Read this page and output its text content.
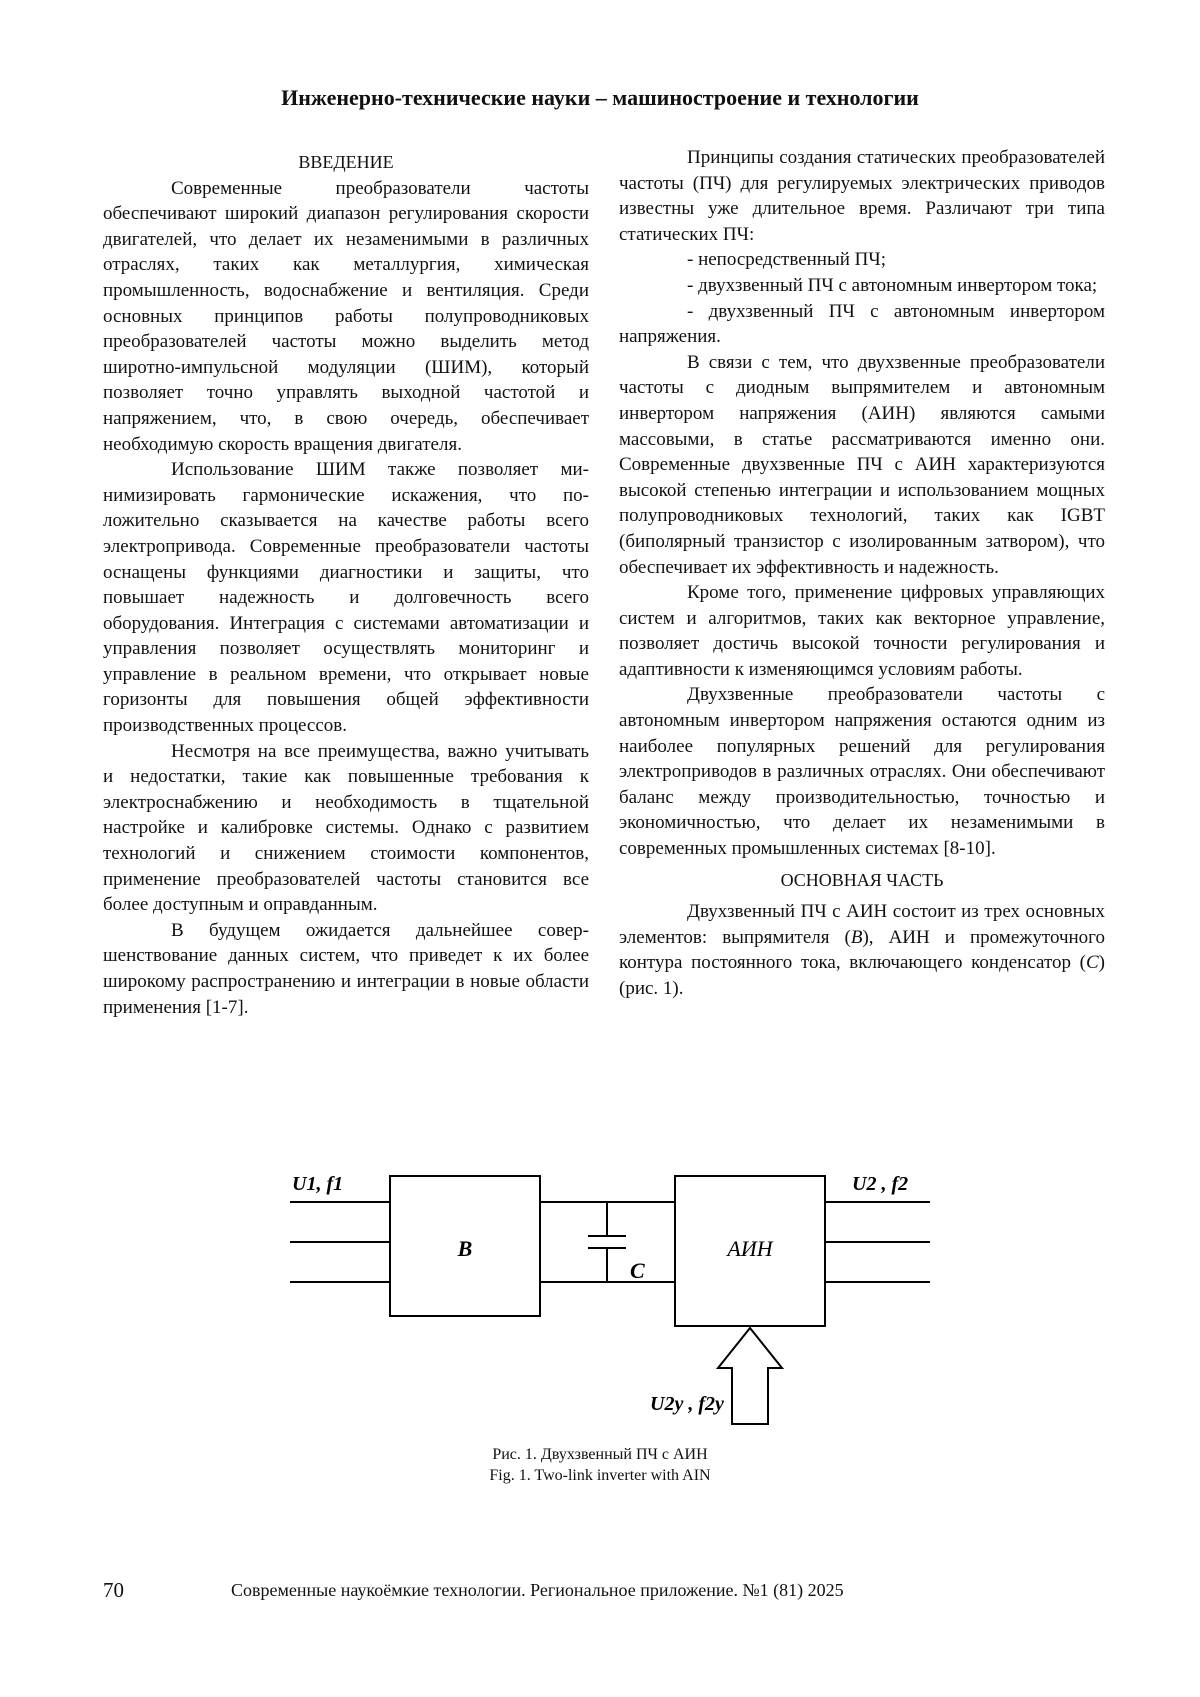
Инженерно-технические науки – машиностроение и технологии

ВВЕДЕНИЕ

Современные преобразователи частоты обеспечивают широкий диапазон регулирования скорости двигателей, что делает их незаменимыми в различных отраслях, таких как металлургия, химическая промышленность, водоснабжение и вентиляция. Среди основных принципов работы полупроводниковых преобразователей частоты можно выделить метод широтно-импульсной модуляции (ШИМ), который позволяет точно управлять выходной частотой и напряжением, что, в свою очередь, обеспечивает необходимую скорость вращения двигателя.

Использование ШИМ также позволяет минимизировать гармонические искажения, что положительно сказывается на качестве работы всего электропривода. Современные преобразователи частоты оснащены функциями диагностики и защиты, что повышает надежность и долговечность всего оборудования. Интеграция с системами автоматизации и управления позволяет осуществлять мониторинг и управление в реальном времени, что открывает новые горизонты для повышения общей эффективности производственных процессов.

Несмотря на все преимущества, важно учитывать и недостатки, такие как повышенные требования к электроснабжению и необходимость в тщательной настройке и калибровке системы. Однако с развитием технологий и снижением стоимости компонентов, применение преобразователей частоты становится все более доступным и оправданным.

В будущем ожидается дальнейшее совершенствование данных систем, что приведет к их более широкому распространению и интеграции в новые области применения [1-7].

Принципы создания статических преобразователей частоты (ПЧ) для регулируемых электрических приводов известны уже длительное время. Различают три типа статических ПЧ:

- непосредственный ПЧ;

- двухзвенный ПЧ с автономным инвертором тока;

- двухзвенный ПЧ с автономным инвертором напряжения.

В связи с тем, что двухзвенные преобразователи частоты с диодным выпрямителем и автономным инвертором напряжения (АИН) являются самыми массовыми, в статье рассматриваются именно они. Современные двухзвенные ПЧ с АИН характеризуются высокой степенью интеграции и использованием мощных полупроводниковых технологий, таких как IGBT (биполярный транзистор с изолированным затвором), что обеспечивает их эффективность и надежность.

Кроме того, применение цифровых управляющих систем и алгоритмов, таких как векторное управление, позволяет достичь высокой точности регулирования и адаптивности к изменяющимся условиям работы.

Двухзвенные преобразователи частоты с автономным инвертором напряжения остаются одним из наиболее популярных решений для регулирования электроприводов в различных отраслях. Они обеспечивают баланс между производительностью, точностью и экономичностью, что делает их незаменимыми в современных промышленных системах [8-10].

ОСНОВНАЯ ЧАСТЬ

Двухзвенный ПЧ с АИН состоит из трех основных элементов: выпрямителя (B), АИН и промежуточного контура постоянного тока, включающего конденсатор (C) (рис. 1).

U1, f1	U2 , f2
B
C
АИН
U2y , f2y
Рис. 1. Двухзвенный ПЧ с АИН
Fig. 1. Two-link inverter with AIN
70	Современные наукоёмкие технологии. Региональное приложение. №1 (81) 2025
